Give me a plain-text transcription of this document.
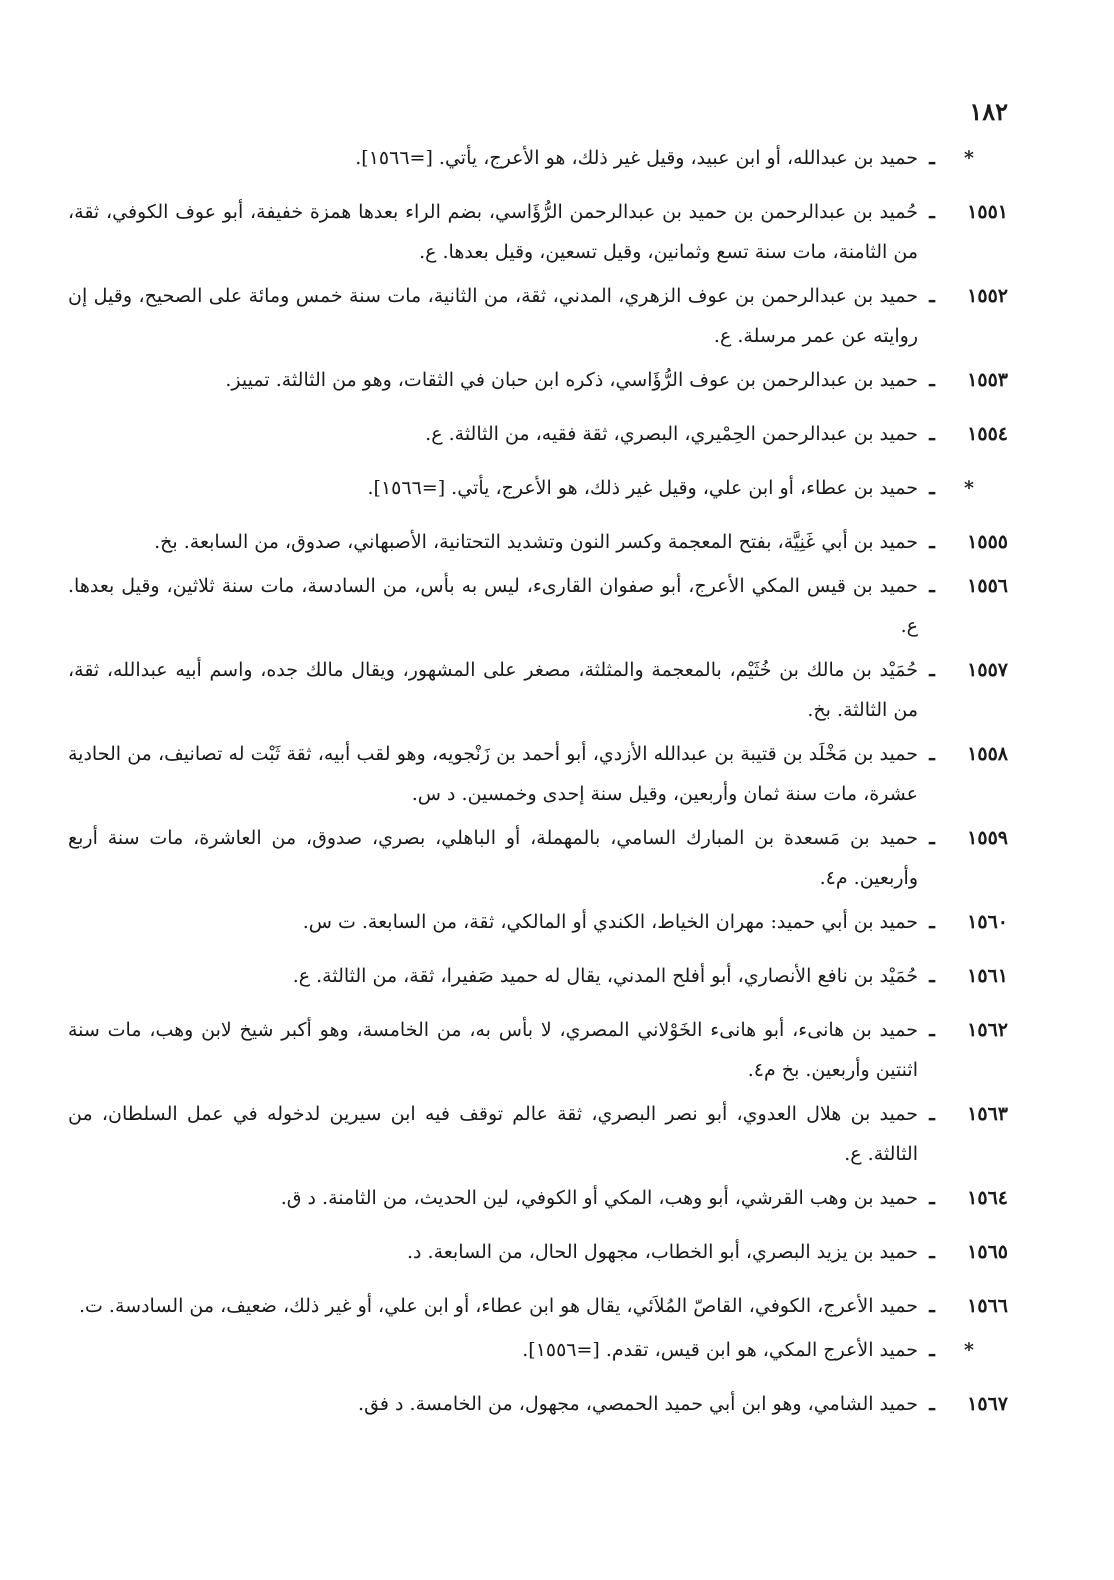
١٨٢
*
ـ
حميد بن عبدالله، أو ابن عبيد، وقيل غير ذلك، هو الأعرج، يأتي. [=١٥٦٦].
١٥٥١
ـ
حُميد بن عبدالرحمن بن حميد بن عبدالرحمن الرُّؤَاسي، بضم الراء بعدها همزة خفيفة، أبو عوف الكوفي، ثقة، من الثامنة، مات سنة تسع وثمانين، وقيل تسعين، وقيل بعدها. ع.
١٥٥٢
ـ
حميد بن عبدالرحمن بن عوف الزهري، المدني، ثقة، من الثانية، مات سنة خمس ومائة على الصحيح، وقيل إن روايته عن عمر مرسلة. ع.
١٥٥٣
ـ
حميد بن عبدالرحمن بن عوف الرُّؤَاسي، ذكره ابن حبان في الثقات، وهو من الثالثة. تمييز.
١٥٥٤
ـ
حميد بن عبدالرحمن الحِمْيري، البصري، ثقة فقيه، من الثالثة. ع.
*
ـ
حميد بن عطاء، أو ابن علي، وقيل غير ذلك، هو الأعرج، يأتي. [=١٥٦٦].
١٥٥٥
ـ
حميد بن أبي غَنِيَّة، بفتح المعجمة وكسر النون وتشديد التحتانية، الأصبهاني، صدوق، من السابعة. بخ.
١٥٥٦
ـ
حميد بن قيس المكي الأعرج، أبو صفوان القارىء، ليس به بأس، من السادسة، مات سنة ثلاثين، وقيل بعدها. ع.
١٥٥٧
ـ
حُمَيْد بن مالك بن خُثَيْم، بالمعجمة والمثلثة، مصغر على المشهور، ويقال مالك جده، واسم أبيه عبدالله، ثقة، من الثالثة. بخ.
١٥٥٨
ـ
حميد بن مَخْلَد بن قتيبة بن عبدالله الأزدي، أبو أحمد بن زَنْجويه، وهو لقب أبيه، ثقة ثَبْت له تصانيف، من الحادية عشرة، مات سنة ثمان وأربعين، وقيل سنة إحدى وخمسين. د س.
١٥٥٩
ـ
حميد بن مَسعدة بن المبارك السامي، بالمهملة، أو الباهلي، بصري، صدوق، من العاشرة، مات سنة أربع وأربعين. م٤.
١٥٦٠
ـ
حميد بن أبي حميد: مهران الخياط، الكندي أو المالكي، ثقة، من السابعة. ت س.
١٥٦١
ـ
حُمَيْد بن نافع الأنصاري، أبو أفلح المدني، يقال له حميد صَفيرا، ثقة، من الثالثة. ع.
١٥٦٢
ـ
حميد بن هانىء، أبو هانىء الخَوْلاني المصري، لا بأس به، من الخامسة، وهو أكبر شيخ لابن وهب، مات سنة اثنتين وأربعين. بخ م٤.
١٥٦٣
ـ
حميد بن هلال العدوي، أبو نصر البصري، ثقة عالم توقف فيه ابن سيرين لدخوله في عمل السلطان، من الثالثة. ع.
١٥٦٤
ـ
حميد بن وهب القرشي، أبو وهب، المكي أو الكوفي، لين الحديث، من الثامنة. د ق.
١٥٦٥
ـ
حميد بن يزيد البصري، أبو الخطاب، مجهول الحال، من السابعة. د.
١٥٦٦
ـ
حميد الأعرج، الكوفي، القاصّ المُلاَئي، يقال هو ابن عطاء، أو ابن علي، أو غير ذلك، ضعيف، من السادسة. ت.
*
ـ
حميد الأعرج المكي، هو ابن قيس، تقدم. [=١٥٥٦].
١٥٦٧
ـ
حميد الشامي، وهو ابن أبي حميد الحمصي، مجهول، من الخامسة. د فق.
